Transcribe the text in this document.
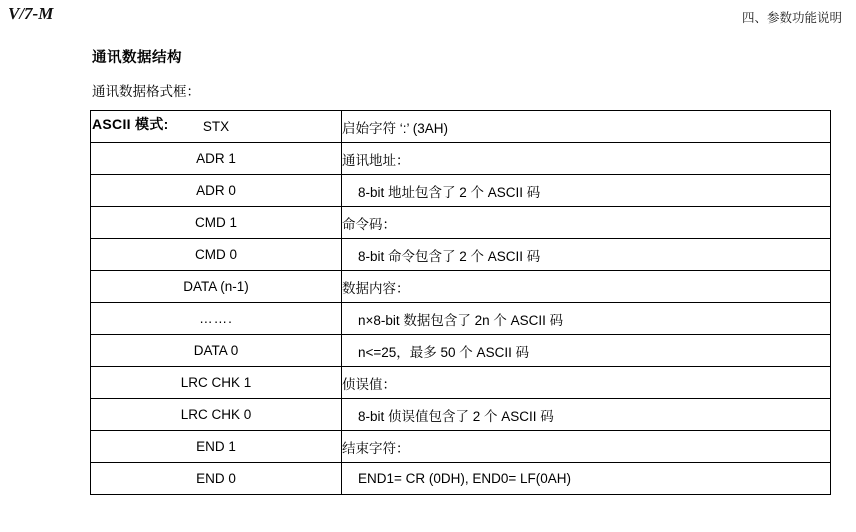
V/7-M	四、参数功能说明
通讯数据结构
通讯数据格式框：
ASCII 模式:	STX	启始字符 ‘:’ (3AH)
ADR 1	通讯地址：
ADR 0	8-bit 地址包含了 2 个 ASCII 码
CMD 1	命令码：
CMD 0	8-bit 命令包含了 2 个 ASCII 码
DATA (n-1)	数据内容：
…….	n×8-bit 数据包含了 2n 个 ASCII 码
DATA 0	n<=25，最多 50 个 ASCII 码
LRC CHK 1	侦误值：
LRC CHK 0	8-bit 侦误值包含了 2 个 ASCII 码
END 1	结束字符：
END 0	END1= CR (0DH), END0= LF(0AH)
